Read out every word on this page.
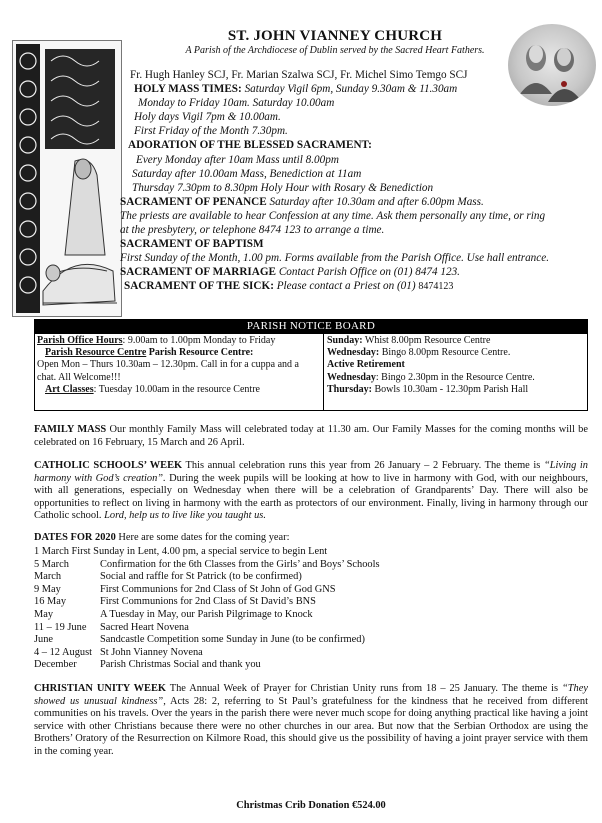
ST. JOHN VIANNEY CHURCH
A Parish of the Archdiocese of Dublin served by the Sacred Heart Fathers.
Fr. Hugh Hanley SCJ, Fr. Marian Szalwa SCJ, Fr. Michel Simo Temgo SCJ
HOLY MASS TIMES: Saturday Vigil 6pm, Sunday 9.30am & 11.30am
Monday to Friday 10am. Saturday 10.00am
Holy days Vigil 7pm & 10.00am.
First Friday of the Month 7.30pm.
ADORATION OF THE BLESSED SACRAMENT:
Every Monday after 10am Mass until 8.00pm
Saturday after 10.00am Mass, Benediction at 11am
Thursday 7.30pm to 8.30pm Holy Hour with Rosary & Benediction
SACRAMENT OF PENANCE Saturday after 10.30am and after 6.00pm Mass.
The priests are available to hear Confession at any time. Ask them personally any time, or ring
at the presbytery, or telephone 8474 123 to arrange a time.
SACRAMENT OF BAPTISM
First Sunday of the Month, 1.00 pm. Forms available from the Parish Office. Use hall entrance.
SACRAMENT OF MARRIAGE Contact Parish Office on (01) 8474 123.
SACRAMENT OF THE SICK: Please contact a Priest on (01) 8474123
PARISH NOTICE BOARD
Parish Office Hours: 9.00am to 1.00pm Monday to Friday
Parish Resource Centre Parish Resource Centre:
Open Mon – Thurs 10.30am – 12.30pm. Call in for a cuppa and a chat. All Welcome!!!
Art Classes: Tuesday 10.00am in the resource Centre
Sunday: Whist 8.00pm Resource Centre
Wednesday: Bingo 8.00pm Resource Centre.
Active Retirement
Wednesday: Bingo 2.30pm in the Resource Centre.
Thursday: Bowls 10.30am - 12.30pm Parish Hall
FAMILY MASS Our monthly Family Mass will celebrated today at 11.30 am. Our Family Masses for the coming months will be celebrated on 16 February, 15 March and 26 April.
CATHOLIC SCHOOLS’ WEEK This annual celebration runs this year from 26 January – 2 February. The theme is “Living in harmony with God’s creation”. During the week pupils will be looking at how to live in harmony with God, with our neighbours, with all generations, especially on Wednesday when there will be a celebration of Grandparents’ Day. There will also be opportunities to reflect on living in harmony with the earth as protectors of our environment. Finally, living in harmony through our Catholic school. Lord, help us to live like you taught us.
DATES FOR 2020 Here are some dates for the coming year:
1 March First Sunday in Lent, 4.00 pm, a special service to begin Lent
5 March	Confirmation for the 6th Classes from the Girls’ and Boys’ Schools
March	Social and raffle for St Patrick (to be confirmed)
9 May	First Communions for 2nd Class of St John of God GNS
16 May	First Communions for 2nd Class of St David’s BNS
May	A Tuesday in May, our Parish Pilgrimage to Knock
11 – 19 June	Sacred Heart Novena
June	Sandcastle Competition some Sunday in June (to be confirmed)
4 – 12 August St John Vianney Novena
December	Parish Christmas Social and thank you
CHRISTIAN UNITY WEEK The Annual Week of Prayer for Christian Unity runs from 18 – 25 January. The theme is “They showed us unusual kindness”, Acts 28: 2, referring to St Paul’s gratefulness for the kindness that he received from different communities on his travels. Over the years in the parish there were never much scope for doing anything practical like having a joint service with other Christians because there were no other churches in our area. But now that the Serbian Orthodox are using the Brothers’ Oratory of the Resurrection on Kilmore Road, this should give us the possibility of having a joint prayer service with them in the coming year.
Christmas Crib Donation €524.00
